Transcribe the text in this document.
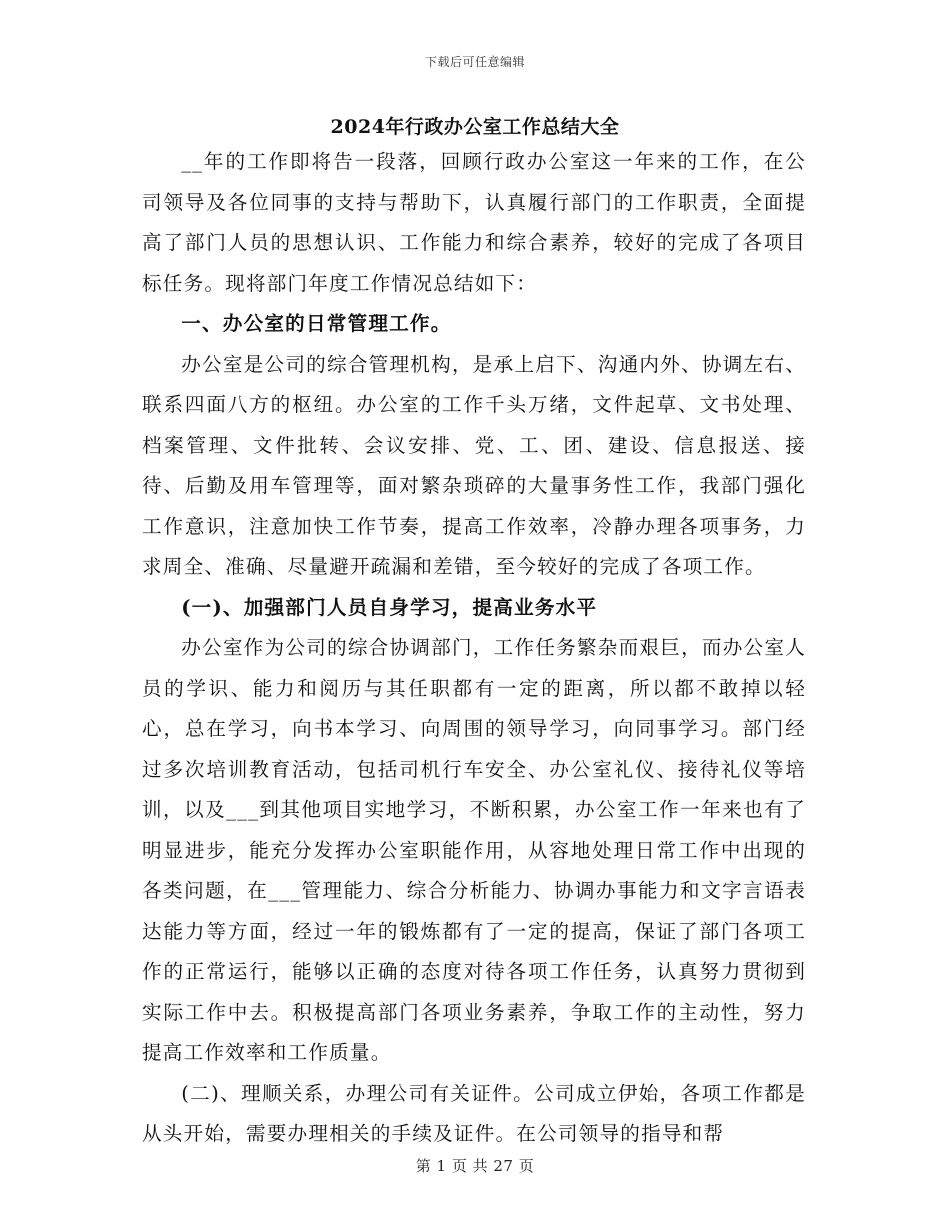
下载后可任意编辑
2024年行政办公室工作总结大全

__年的工作即将告一段落，回顾行政办公室这一年来的工作，在公司领导及各位同事的支持与帮助下，认真履行部门的工作职责，全面提高了部门人员的思想认识、工作能力和综合素养，较好的完成了各项目标任务。现将部门年度工作情况总结如下：

一、办公室的日常管理工作。

办公室是公司的综合管理机构，是承上启下、沟通内外、协调左右、联系四面八方的枢纽。办公室的工作千头万绪，文件起草、文书处理、档案管理、文件批转、会议安排、党、工、团、建设、信息报送、接待、后勤及用车管理等，面对繁杂琐碎的大量事务性工作，我部门强化工作意识，注意加快工作节奏，提高工作效率，冷静办理各项事务，力求周全、准确、尽量避开疏漏和差错，至今较好的完成了各项工作。

(一)、加强部门人员自身学习，提高业务水平

办公室作为公司的综合协调部门，工作任务繁杂而艰巨，而办公室人员的学识、能力和阅历与其任职都有一定的距离，所以都不敢掉以轻心，总在学习，向书本学习、向周围的领导学习，向同事学习。部门经过多次培训教育活动，包括司机行车安全、办公室礼仪、接待礼仪等培训，以及___到其他项目实地学习，不断积累，办公室工作一年来也有了明显进步，能充分发挥办公室职能作用，从容地处理日常工作中出现的各类问题，在___管理能力、综合分析能力、协调办事能力和文字言语表达能力等方面，经过一年的锻炼都有了一定的提高，保证了部门各项工作的正常运行，能够以正确的态度对待各项工作任务，认真努力贯彻到实际工作中去。积极提高部门各项业务素养，争取工作的主动性，努力提高工作效率和工作质量。

(二)、理顺关系，办理公司有关证件。公司成立伊始，各项工作都是从头开始，需要办理相关的手续及证件。在公司领导的指导和帮

第 1 页 共 27 页
